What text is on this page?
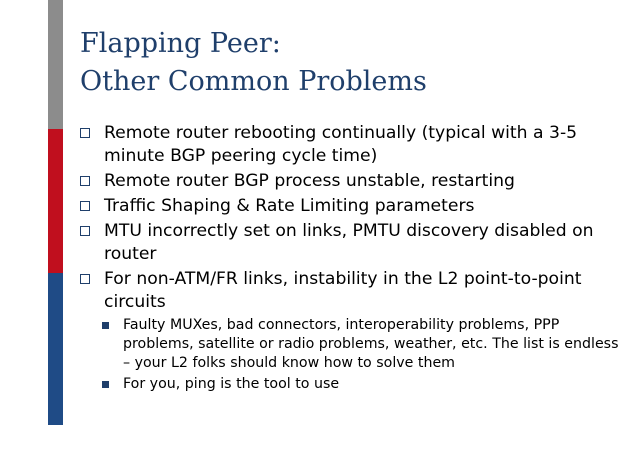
Flapping Peer:
Other Common Problems
Remote router rebooting continually (typical with a 3-5 minute BGP peering cycle time)
Remote router BGP process unstable, restarting
Traffic Shaping & Rate Limiting parameters
MTU incorrectly set on links, PMTU discovery disabled on router
For non-ATM/FR links, instability in the L2 point-to-point circuits
Faulty MUXes, bad connectors, interoperability problems, PPP problems, satellite or radio problems, weather, etc. The list is endless – your L2 folks should know how to solve them
For you, ping is the tool to use
